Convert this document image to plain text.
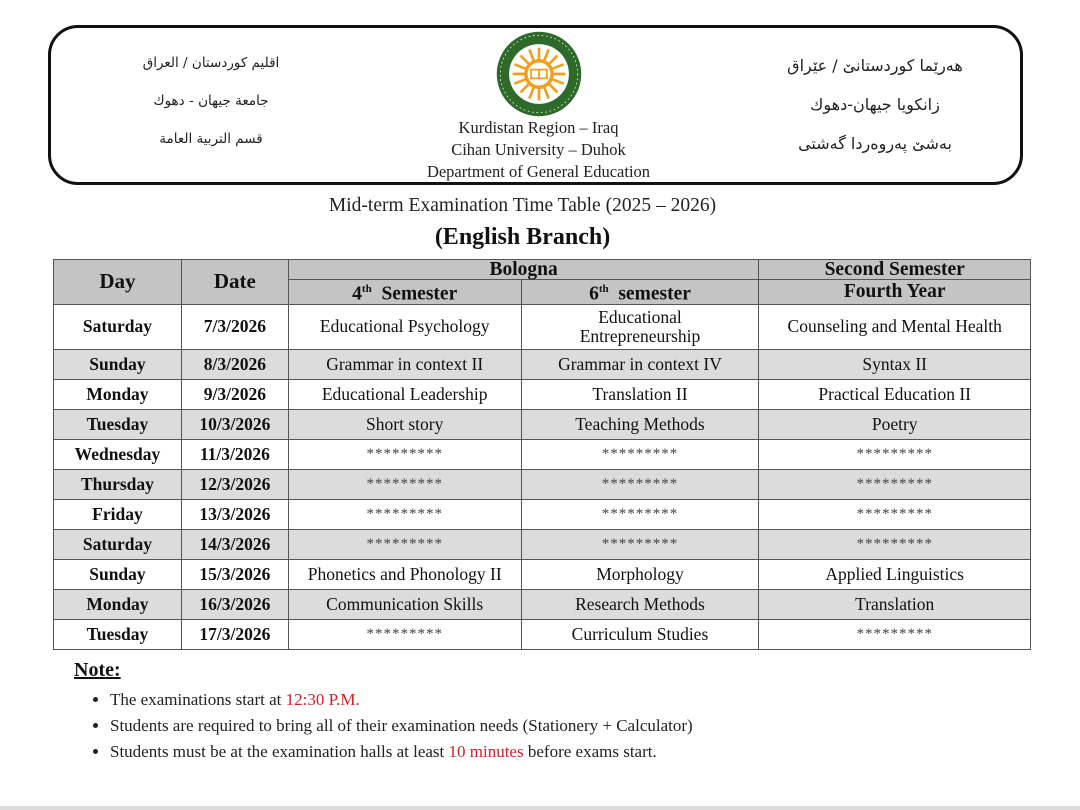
اقليم كوردستان / العراق
جامعة جيهان - دهوك
قسم التربية العامة
Kurdistan Region – Iraq
Cihan University – Duhok
Department of General Education
هەرێما كوردستانێ / عێراق
زانكويا جيهان-دهوك
بەشێ پەروەردا گەشتی
Mid-term Examination Time Table (2025 – 2026)
(English Branch)
Day	Date	Bologna		Second Semester
		4th Semester	6th semester	Fourth Year
Saturday	7/3/2026	Educational Psychology	Educational Entrepreneurship	Counseling and Mental Health
Sunday	8/3/2026	Grammar in context II	Grammar in context IV	Syntax II
Monday	9/3/2026	Educational Leadership	Translation II	Practical Education II
Tuesday	10/3/2026	Short story	Teaching Methods	Poetry
Wednesday	11/3/2026	*********	*********	*********
Thursday	12/3/2026	*********	*********	*********
Friday	13/3/2026	*********	*********	*********
Saturday	14/3/2026	*********	*********	*********
Sunday	15/3/2026	Phonetics and Phonology II	Morphology	Applied Linguistics
Monday	16/3/2026	Communication Skills	Research Methods	Translation
Tuesday	17/3/2026	*********	Curriculum Studies	*********
Note:
• The examinations start at 12:30 P.M.
• Students are required to bring all of their examination needs (Stationery + Calculator)
• Students must be at the examination halls at least 10 minutes before exams start.
